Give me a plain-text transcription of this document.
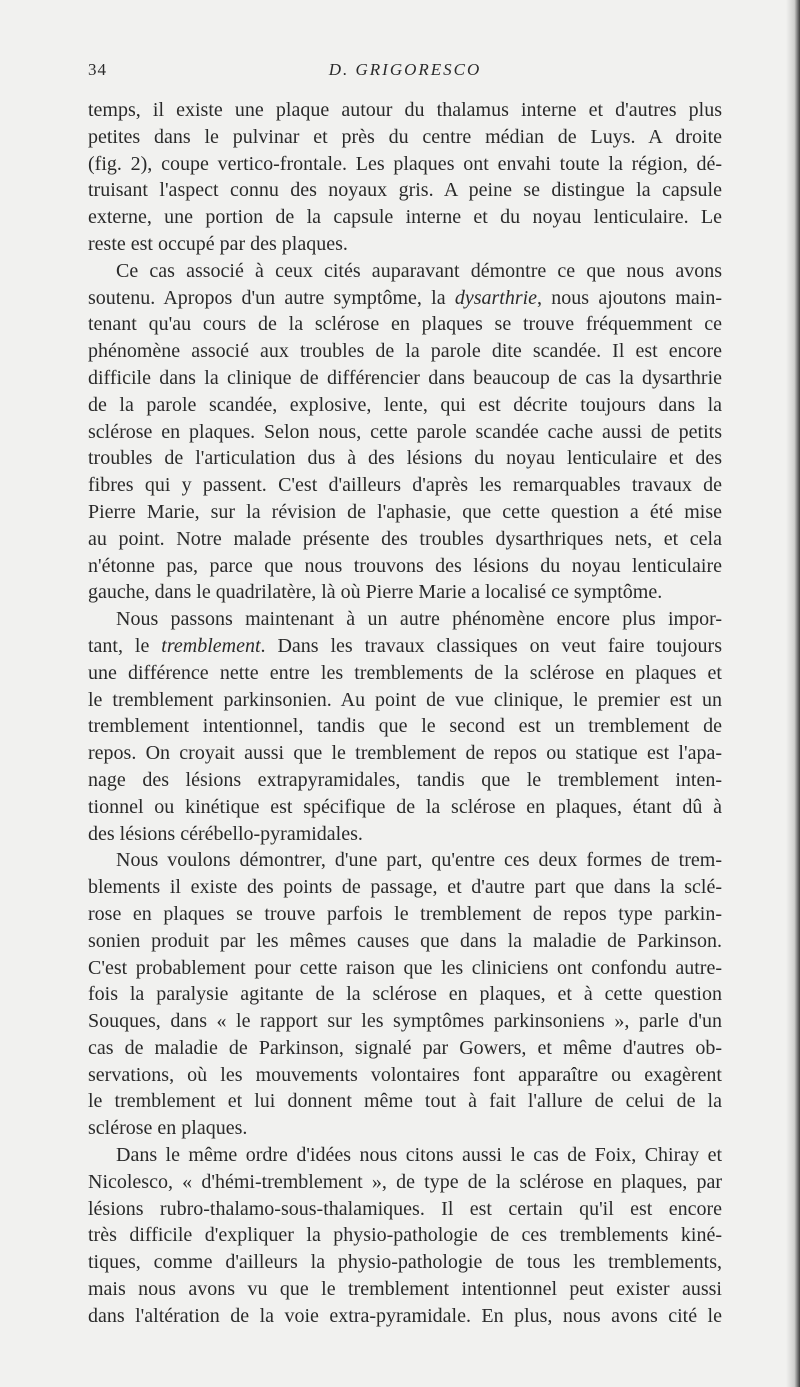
34	D. GRIGORESCO
temps, il existe une plaque autour du thalamus interne et d'autres plus
petites dans le pulvinar et près du centre médian de Luys. A droite
(fig. 2), coupe vertico-frontale. Les plaques ont envahi toute la région, dé-
truisant l'aspect connu des noyaux gris. A peine se distingue la capsule
externe, une portion de la capsule interne et du noyau lenticulaire. Le
reste est occupé par des plaques.
Ce cas associé à ceux cités auparavant démontre ce que nous avons
soutenu. Apropos d'un autre symptôme, la dysarthrie, nous ajoutons main-
tenant qu'au cours de la sclérose en plaques se trouve fréquemment ce
phénomène associé aux troubles de la parole dite scandée. Il est encore
difficile dans la clinique de différencier dans beaucoup de cas la dysarthrie
de la parole scandée, explosive, lente, qui est décrite toujours dans la
sclérose en plaques. Selon nous, cette parole scandée cache aussi de petits
troubles de l'articulation dus à des lésions du noyau lenticulaire et des
fibres qui y passent. C'est d'ailleurs d'après les remarquables travaux de
Pierre Marie, sur la révision de l'aphasie, que cette question a été mise
au point. Notre malade présente des troubles dysarthriques nets, et cela
n'étonne pas, parce que nous trouvons des lésions du noyau lenticulaire
gauche, dans le quadrilatère, là où Pierre Marie a localisé ce symptôme.
Nous passons maintenant à un autre phénomène encore plus impor-
tant, le tremblement. Dans les travaux classiques on veut faire toujours
une différence nette entre les tremblements de la sclérose en plaques et
le tremblement parkinsonien. Au point de vue clinique, le premier est un
tremblement intentionnel, tandis que le second est un tremblement de
repos. On croyait aussi que le tremblement de repos ou statique est l'apa-
nage des lésions extrapyramidales, tandis que le tremblement inten-
tionnel ou kinétique est spécifique de la sclérose en plaques, étant dû à
des lésions cérébello-pyramidales.
Nous voulons démontrer, d'une part, qu'entre ces deux formes de trem-
blements il existe des points de passage, et d'autre part que dans la sclé-
rose en plaques se trouve parfois le tremblement de repos type parkin-
sonien produit par les mêmes causes que dans la maladie de Parkinson.
C'est probablement pour cette raison que les cliniciens ont confondu autre-
fois la paralysie agitante de la sclérose en plaques, et à cette question
Souques, dans « le rapport sur les symptômes parkinsoniens », parle d'un
cas de maladie de Parkinson, signalé par Gowers, et même d'autres ob-
servations, où les mouvements volontaires font apparaître ou exagèrent
le tremblement et lui donnent même tout à fait l'allure de celui de la
sclérose en plaques.
Dans le même ordre d'idées nous citons aussi le cas de Foix, Chiray et
Nicolesco, « d'hémi-tremblement », de type de la sclérose en plaques, par
lésions rubro-thalamo-sous-thalamiques. Il est certain qu'il est encore
très difficile d'expliquer la physio-pathologie de ces tremblements kiné-
tiques, comme d'ailleurs la physio-pathologie de tous les tremblements,
mais nous avons vu que le tremblement intentionnel peut exister aussi
dans l'altération de la voie extra-pyramidale. En plus, nous avons cité le
